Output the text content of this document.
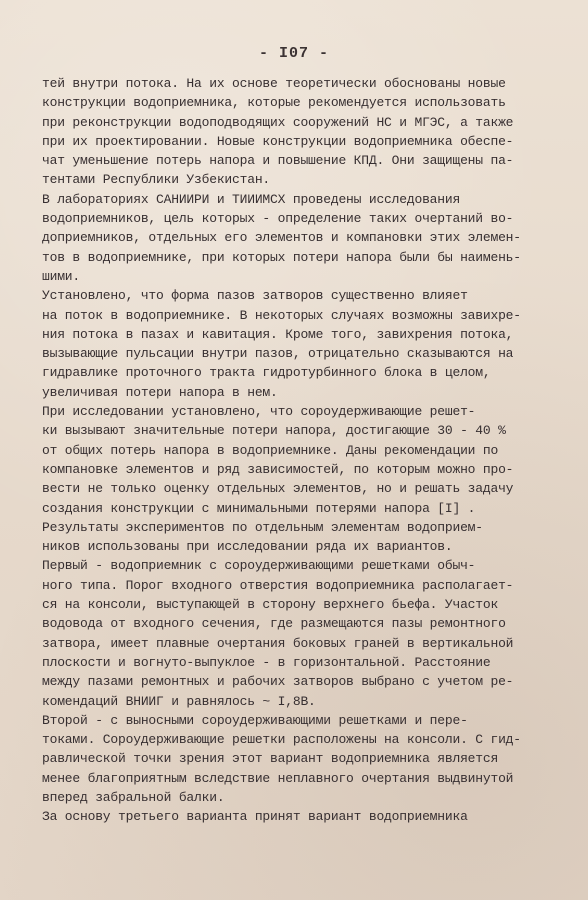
- I07 -
тей внутри потока. На их основе теоретически обоснованы новые
конструкции водоприемника, которые рекомендуется использовать
при реконструкции водоподводящих сооружений НС и МГЭС, а также
при их проектировании. Новые конструкции водоприемника обеспе-
чат уменьшение потерь напора и повышение КПД. Они защищены па-
тентами Республики Узбекистан.
В лабораториях САНИИРИ и ТИИИМСХ проведены исследования
водоприемников, цель которых - определение таких очертаний во-
доприемников, отдельных его элементов и компановки этих элемен-
тов в водоприемнике, при которых потери напора были бы наимень-
шими.
Установлено, что форма пазов затворов существенно влияет
на поток в водоприемнике. В некоторых случаях возможны завихре-
ния потока в пазах и кавитация. Кроме того, завихрения потока,
вызывающие пульсации внутри пазов, отрицательно сказываются на
гидравлике проточного тракта гидротурбинного блока в целом,
увеличивая потери напора в нем.
При исследовании установлено, что сороудерживающие решет-
ки вызывают значительные потери напора, достигающие 30 - 40 %
от общих потерь напора в водоприемнике. Даны рекомендации по
компановке элементов и ряд зависимостей, по которым можно про-
вести не только оценку отдельных элементов, но и решать задачу
создания конструкции с минимальными потерями напора [I] .
Результаты экспериментов по отдельным элементам водоприем-
ников использованы при исследовании ряда их вариантов.
Первый - водоприемник с сороудерживающими решетками обыч-
ного типа. Порог входного отверстия водоприемника располагает-
ся на консоли, выступающей в сторону верхнего бьефа. Участок
водовода от входного сечения, где размещаются пазы ремонтного
затвора, имеет плавные очертания боковых граней в вертикальной
плоскости и вогнуто-выпуклое - в горизонтальной. Расстояние
между пазами ремонтных и рабочих затворов выбрано с учетом ре-
комендаций ВНИИГ и равнялось ~ I,8B.
Второй - с выносными сороудерживающими решетками и пере-
токами. Сороудерживающие решетки расположены на консоли. С гид-
равлической точки зрения этот вариант водоприемника является
менее благоприятным вследствие неплавного очертания выдвинутой
вперед забральной балки.
За основу третьего варианта принят вариант водоприемника
